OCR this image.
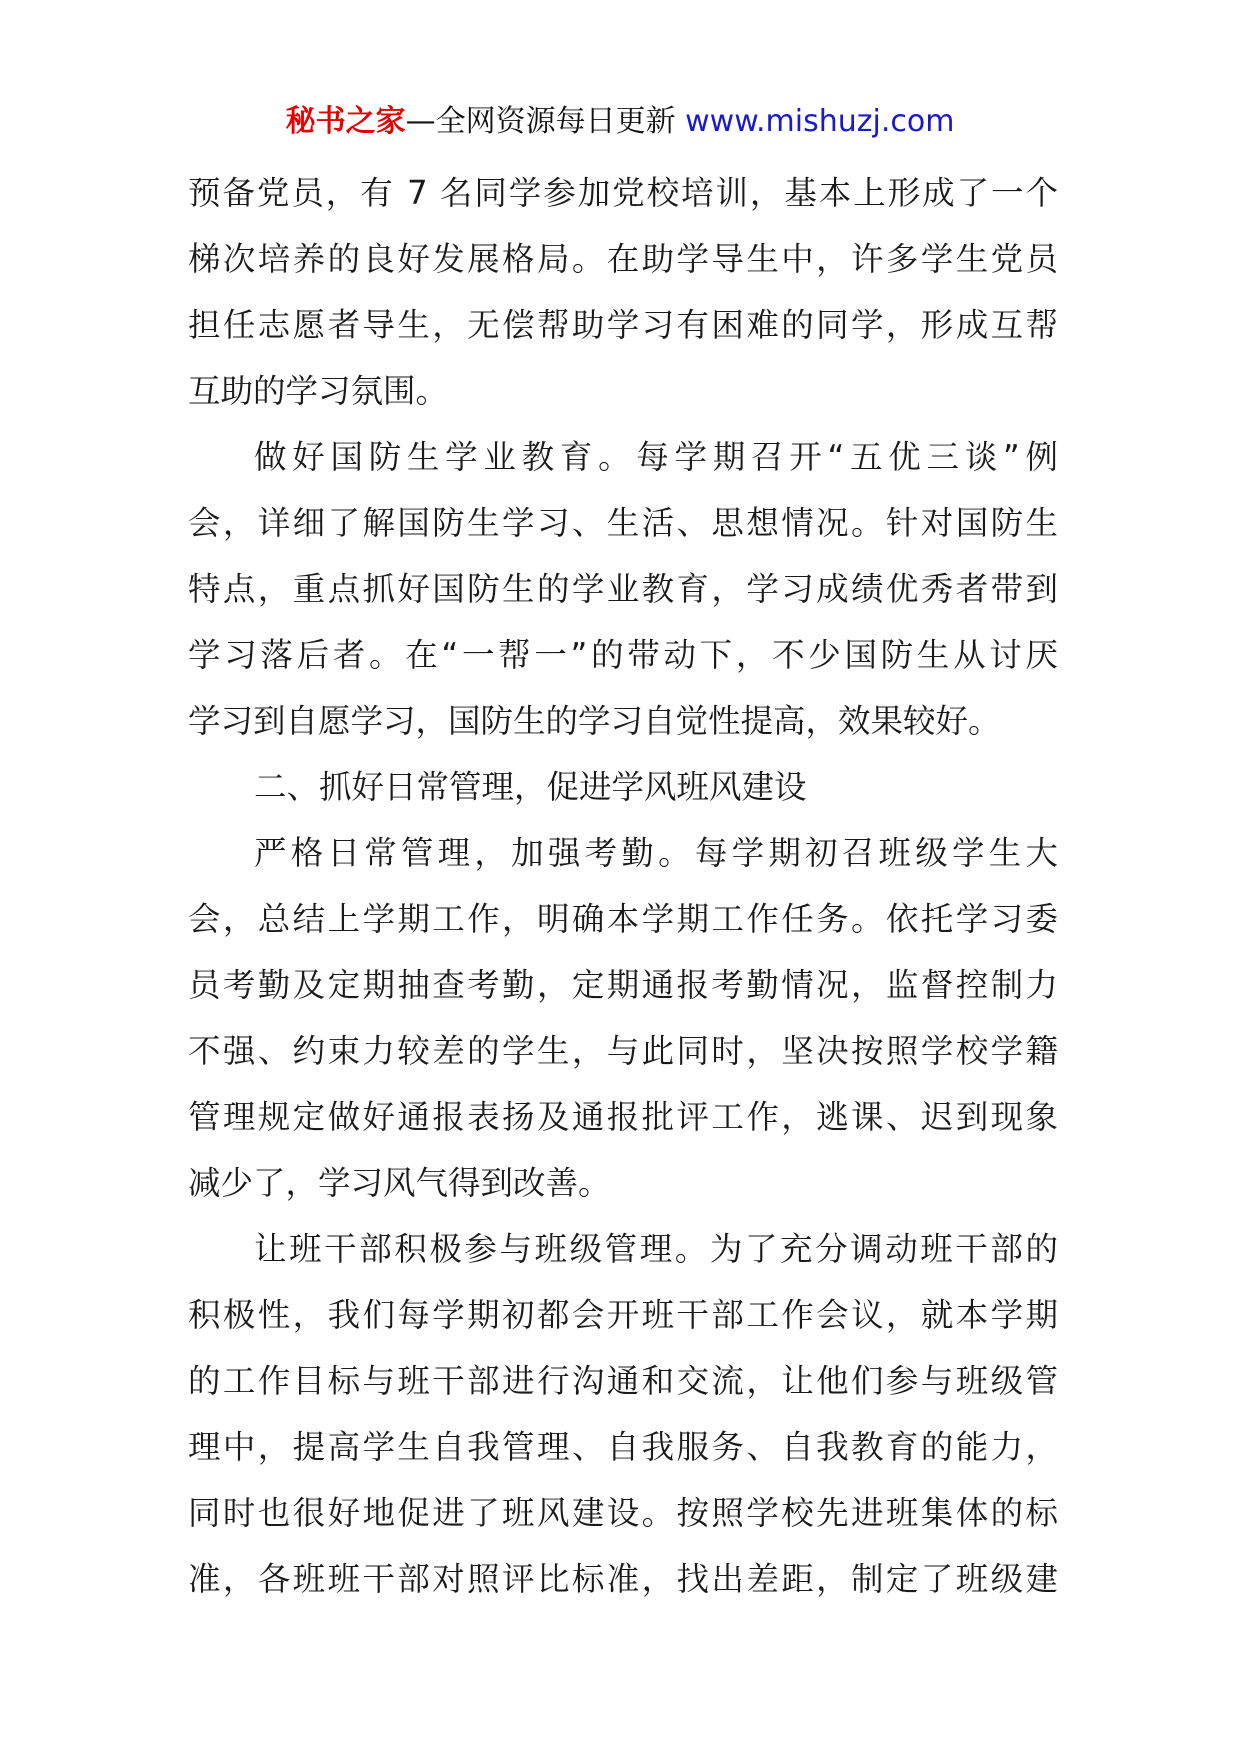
秘书之家—全网资源每日更新 www.mishuzj.com
预备党员，有 7 名同学参加党校培训，基本上形成了一个
梯次培养的良好发展格局。在助学导生中，许多学生党员
担任志愿者导生，无偿帮助学习有困难的同学，形成互帮
互助的学习氛围。
做好国防生学业教育。每学期召开“五优三谈”例
会，详细了解国防生学习、生活、思想情况。针对国防生
特点，重点抓好国防生的学业教育，学习成绩优秀者带到
学习落后者。在“一帮一”的带动下，不少国防生从讨厌
学习到自愿学习，国防生的学习自觉性提高，效果较好。
二、抓好日常管理，促进学风班风建设
严格日常管理，加强考勤。每学期初召班级学生大
会，总结上学期工作，明确本学期工作任务。依托学习委
员考勤及定期抽查考勤，定期通报考勤情况，监督控制力
不强、约束力较差的学生，与此同时，坚决按照学校学籍
管理规定做好通报表扬及通报批评工作，逃课、迟到现象
减少了，学习风气得到改善。
让班干部积极参与班级管理。为了充分调动班干部的
积极性，我们每学期初都会开班干部工作会议，就本学期
的工作目标与班干部进行沟通和交流，让他们参与班级管
理中，提高学生自我管理、自我服务、自我教育的能力，
同时也很好地促进了班风建设。按照学校先进班集体的标
准，各班班干部对照评比标准，找出差距，制定了班级建
